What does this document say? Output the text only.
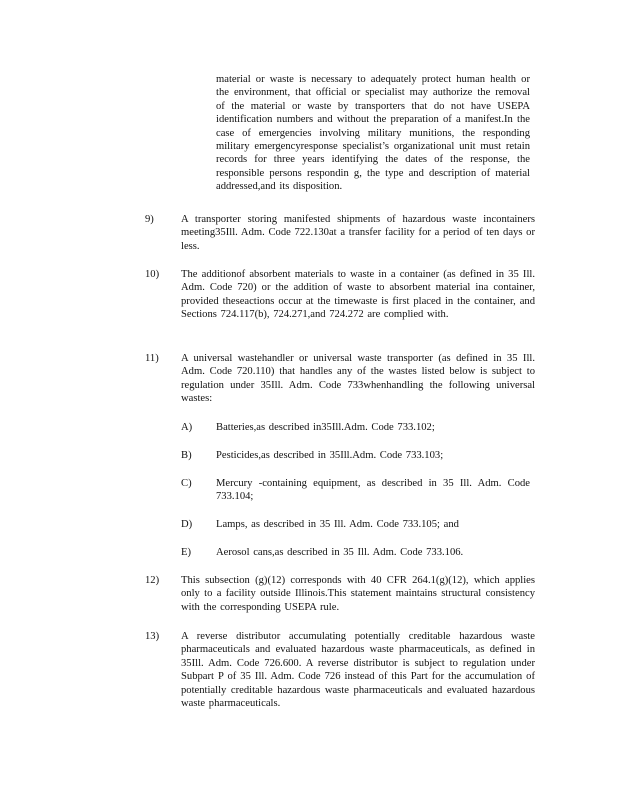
material or waste is necessary to adequately protect human health or the environment, that official or specialist may authorize the removal of the material or waste by transporters that do not have USEPA identification numbers and without the preparation of a manifest.In the case of emergencies involving military munitions, the responding military emergencyresponse specialist’s organizational unit must retain records for three years identifying the dates of the response, the responsible persons respondin g, the type and description of material addressed,and its disposition.
9)	A transporter storing manifested shipments of hazardous waste incontainers meeting35Ill. Adm. Code 722.130at a transfer facility for a period of ten days or less.
10) The additionof absorbent materials to waste in a container (as defined in 35 Ill. Adm. Code 720) or the addition of waste to absorbent material ina container, provided theseactions occur at the timewaste is first placed in the container, and Sections 724.117(b), 724.271,and 724.272 are complied with.
11) A universal wastehandler or universal waste transporter (as defined in 35 Ill. Adm. Code 720.110) that handles any of the wastes listed below is subject to regulation under 35Ill. Adm. Code 733whenhandling the following universal wastes:
A) Batteries,as described in35Ill.Adm. Code 733.102;
B) Pesticides,as described in 35Ill.Adm. Code 733.103;
C) Mercury -containing equipment, as described in 35 Ill. Adm. Code 733.104;
D) Lamps, as described in 35 Ill. Adm. Code 733.105; and
E) Aerosol cans,as described in 35 Ill. Adm. Code 733.106.
12) This subsection (g)(12) corresponds with 40 CFR 264.1(g)(12), which applies only to a facility outside Illinois.This statement maintains structural consistency with the corresponding USEPA rule.
13) A reverse distributor accumulating potentially creditable hazardous waste pharmaceuticals and evaluated hazardous waste pharmaceuticals, as defined in 35Ill. Adm. Code 726.600. A reverse distributor is subject to regulation under Subpart P of 35 Ill. Adm. Code 726 instead of this Part for the accumulation of potentially creditable hazardous waste pharmaceuticals and evaluated hazardous waste pharmaceuticals.
